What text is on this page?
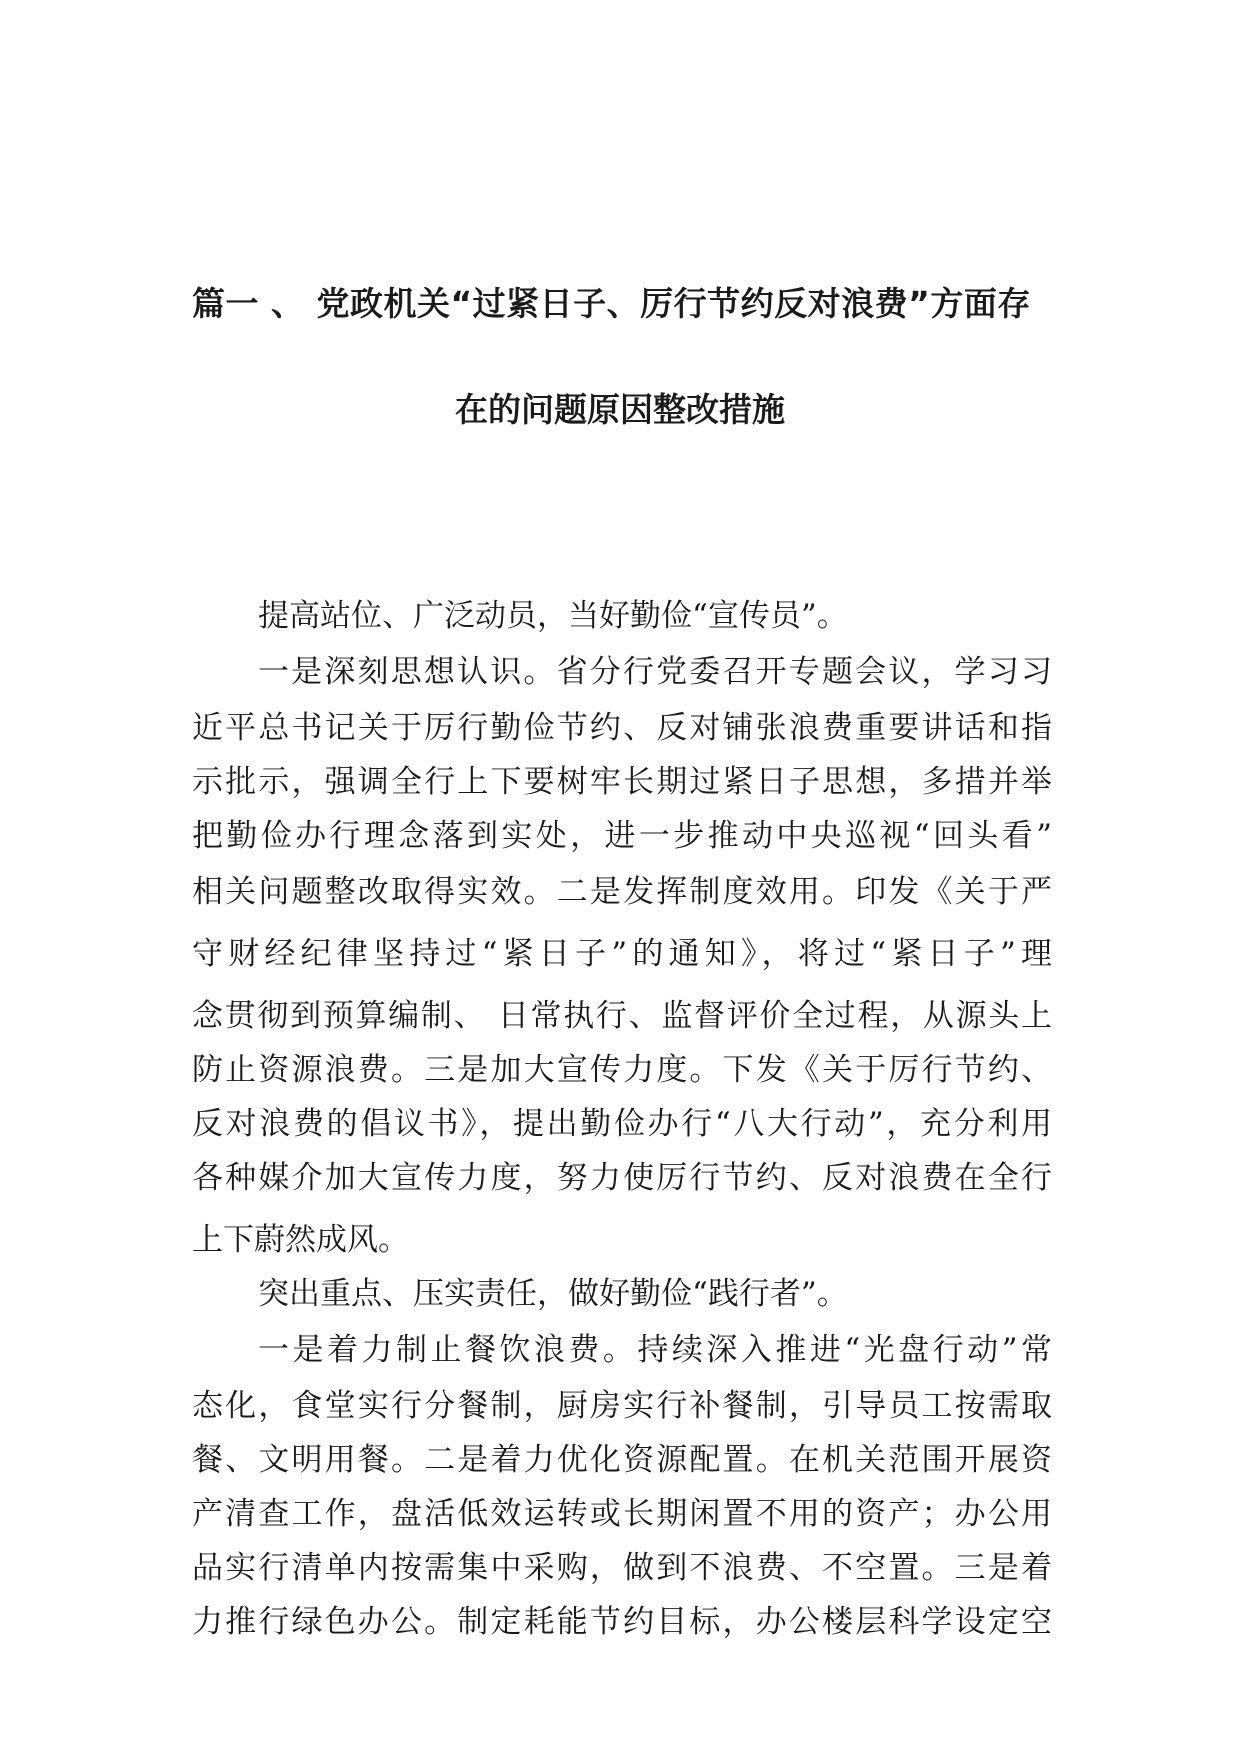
篇一 、 党政机关“过紧日子、厉行节约反对浪费”方面存
在的问题原因整改措施
提高站位、广泛动员，当好勤俭“宣传员”。
一是深刻思想认识。省分行党委召开专题会议，学习习
近平总书记关于厉行勤俭节约、反对铺张浪费重要讲话和指
示批示，强调全行上下要树牢长期过紧日子思想，多措并举
把勤俭办行理念落到实处，进一步推动中央巡视“回头看”
相关问题整改取得实效。二是发挥制度效用。印发《关于严
守财经纪律坚持过“紧日子”的通知》，将过“紧日子”理
念贯彻到预算编制、 日常执行、监督评价全过程，从源头上
防止资源浪费。三是加大宣传力度。下发《关于厉行节约、
反对浪费的倡议书》，提出勤俭办行“八大行动”，充分利用
各种媒介加大宣传力度，努力使厉行节约、反对浪费在全行
上下蔚然成风。
突出重点、压实责任，做好勤俭“践行者”。
一是着力制止餐饮浪费。持续深入推进“光盘行动”常
态化，食堂实行分餐制，厨房实行补餐制，引导员工按需取
餐、文明用餐。二是着力优化资源配置。在机关范围开展资
产清查工作，盘活低效运转或长期闲置不用的资产；办公用
品实行清单内按需集中采购，做到不浪费、不空置。三是着
力推行绿色办公。制定耗能节约目标，办公楼层科学设定空
